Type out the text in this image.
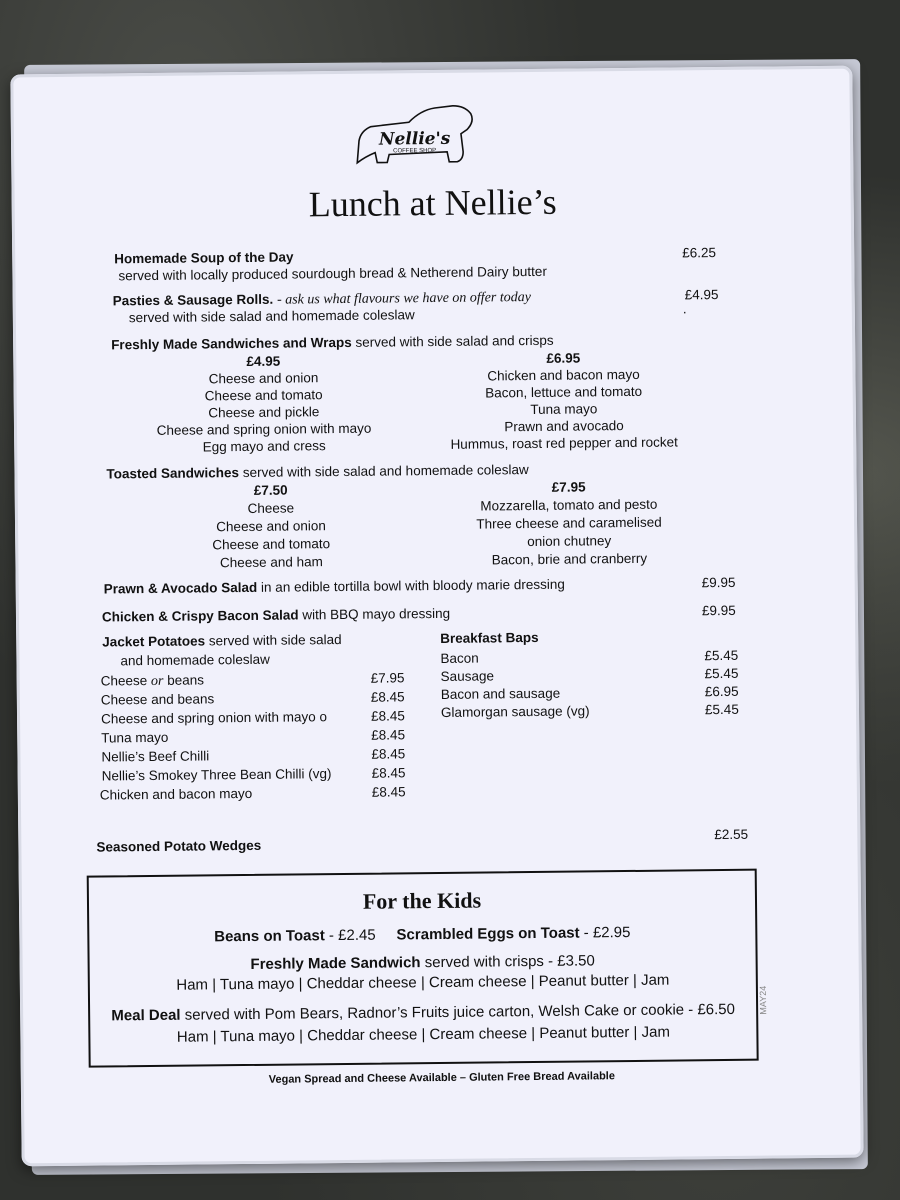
Nellie's
COFFEE SHOP
Lunch at Nellie’s
Homemade Soup of the Day
served with locally produced sourdough bread & Netherend Dairy butter
£6.25
Pasties & Sausage Rolls. - ask us what flavours we have on offer today
served with side salad and homemade coleslaw
£4.95
.
Freshly Made Sandwiches and Wraps served with side salad and crisps
£4.95
Cheese and onion
Cheese and tomato
Cheese and pickle
Cheese and spring onion with mayo
Egg mayo and cress
£6.95
Chicken and bacon mayo
Bacon, lettuce and tomato
Tuna mayo
Prawn and avocado
Hummus, roast red pepper and rocket
Toasted Sandwiches served with side salad and homemade coleslaw
£7.50
Cheese
Cheese and onion
Cheese and tomato
Cheese and ham
£7.95
Mozzarella, tomato and pesto
Three cheese and caramelised
onion chutney
Bacon, brie and cranberry
Prawn & Avocado Salad in an edible tortilla bowl with bloody marie dressing	£9.95
Chicken & Crispy Bacon Salad with BBQ mayo dressing	£9.95
Jacket Potatoes served with side salad
and homemade coleslaw
Cheese or beans	£7.95
Cheese and beans	£8.45
Cheese and spring onion with mayo o	£8.45
Tuna mayo	£8.45
Nellie’s Beef Chilli	£8.45
Nellie’s Smokey Three Bean Chilli (vg)	£8.45
Chicken and bacon mayo	£8.45
Breakfast Baps
Bacon	£5.45
Sausage	£5.45
Bacon and sausage	£6.95
Glamorgan sausage (vg)	£5.45
Seasoned Potato Wedges
£2.55
For the Kids
Beans on Toast - £2.45 Scrambled Eggs on Toast - £2.95
Freshly Made Sandwich served with crisps - £3.50
Ham | Tuna mayo | Cheddar cheese | Cream cheese | Peanut butter | Jam
Meal Deal served with Pom Bears, Radnor’s Fruits juice carton, Welsh Cake or cookie - £6.50
Ham | Tuna mayo | Cheddar cheese | Cream cheese | Peanut butter | Jam
MAY24
Vegan Spread and Cheese Available – Gluten Free Bread Available
